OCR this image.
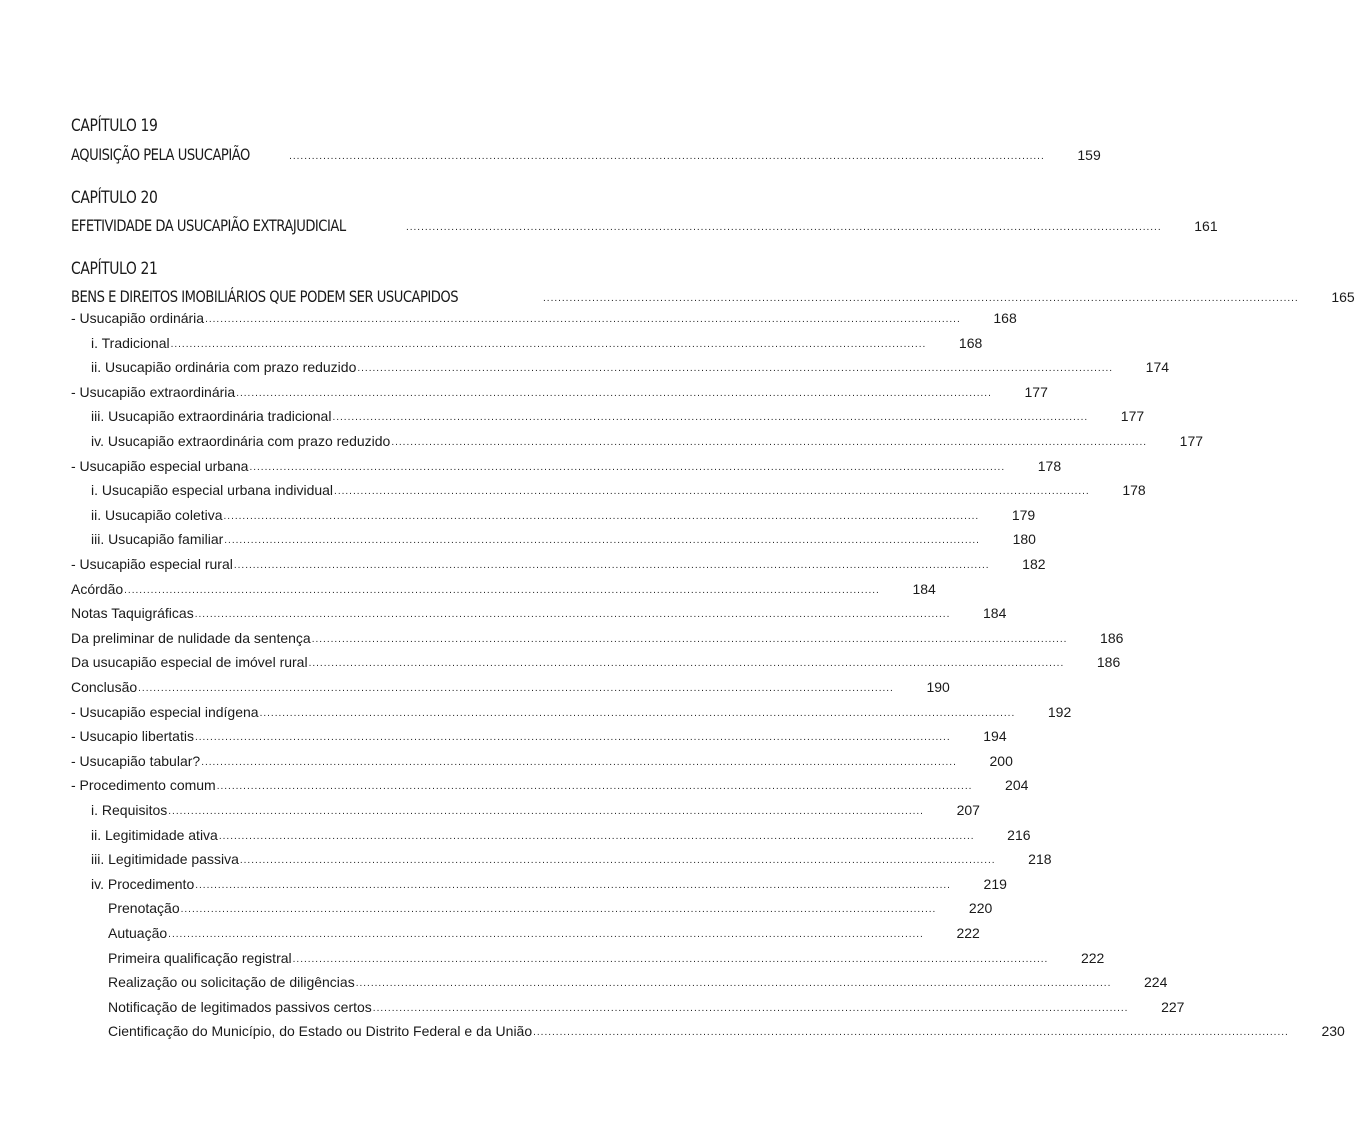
CAPÍTULO 19
AQUISIÇÃO PELA USUCAPIÃO	........................................................................................................................................................................................................	159
CAPÍTULO 20
EFETIVIDADE DA USUCAPIÃO EXTRAJUDICIAL	........................................................................................................................................................................................................	161
CAPÍTULO 21
BENS E DIREITOS IMOBILIÁRIOS QUE PODEM SER USUCAPIDOS	........................................................................................................................................................................................................	165
- Usucapião ordinária ........................................................................................................................................................................................................	168
i. Tradicional ........................................................................................................................................................................................................	168
ii. Usucapião ordinária com prazo reduzido ........................................................................................................................................................................................................	174
- Usucapião extraordinária ........................................................................................................................................................................................................	177
iii. Usucapião extraordinária tradicional ........................................................................................................................................................................................................	177
iv. Usucapião extraordinária com prazo reduzido ........................................................................................................................................................................................................	177
- Usucapião especial urbana ........................................................................................................................................................................................................	178
i. Usucapião especial urbana individual ........................................................................................................................................................................................................	178
ii. Usucapião coletiva ........................................................................................................................................................................................................	179
iii. Usucapião familiar ........................................................................................................................................................................................................	180
- Usucapião especial rural ........................................................................................................................................................................................................	182
Acórdão ........................................................................................................................................................................................................	184
Notas Taquigráficas ........................................................................................................................................................................................................	184
Da preliminar de nulidade da sentença ........................................................................................................................................................................................................	186
Da usucapião especial de imóvel rural ........................................................................................................................................................................................................	186
Conclusão ........................................................................................................................................................................................................	190
- Usucapião especial indígena ........................................................................................................................................................................................................	192
- Usucapio libertatis ........................................................................................................................................................................................................	194
- Usucapião tabular? ........................................................................................................................................................................................................	200
- Procedimento comum ........................................................................................................................................................................................................	204
i. Requisitos ........................................................................................................................................................................................................	207
ii. Legitimidade ativa ........................................................................................................................................................................................................	216
iii. Legitimidade passiva ........................................................................................................................................................................................................	218
iv. Procedimento ........................................................................................................................................................................................................	219
Prenotação ........................................................................................................................................................................................................	220
Autuação ........................................................................................................................................................................................................	222
Primeira qualificação registral ........................................................................................................................................................................................................	222
Realização ou solicitação de diligências ........................................................................................................................................................................................................	224
Notificação de legitimados passivos certos ........................................................................................................................................................................................................	227
Cientificação do Município, do Estado ou Distrito Federal e da União ........................................................................................................................................................................................................	230
